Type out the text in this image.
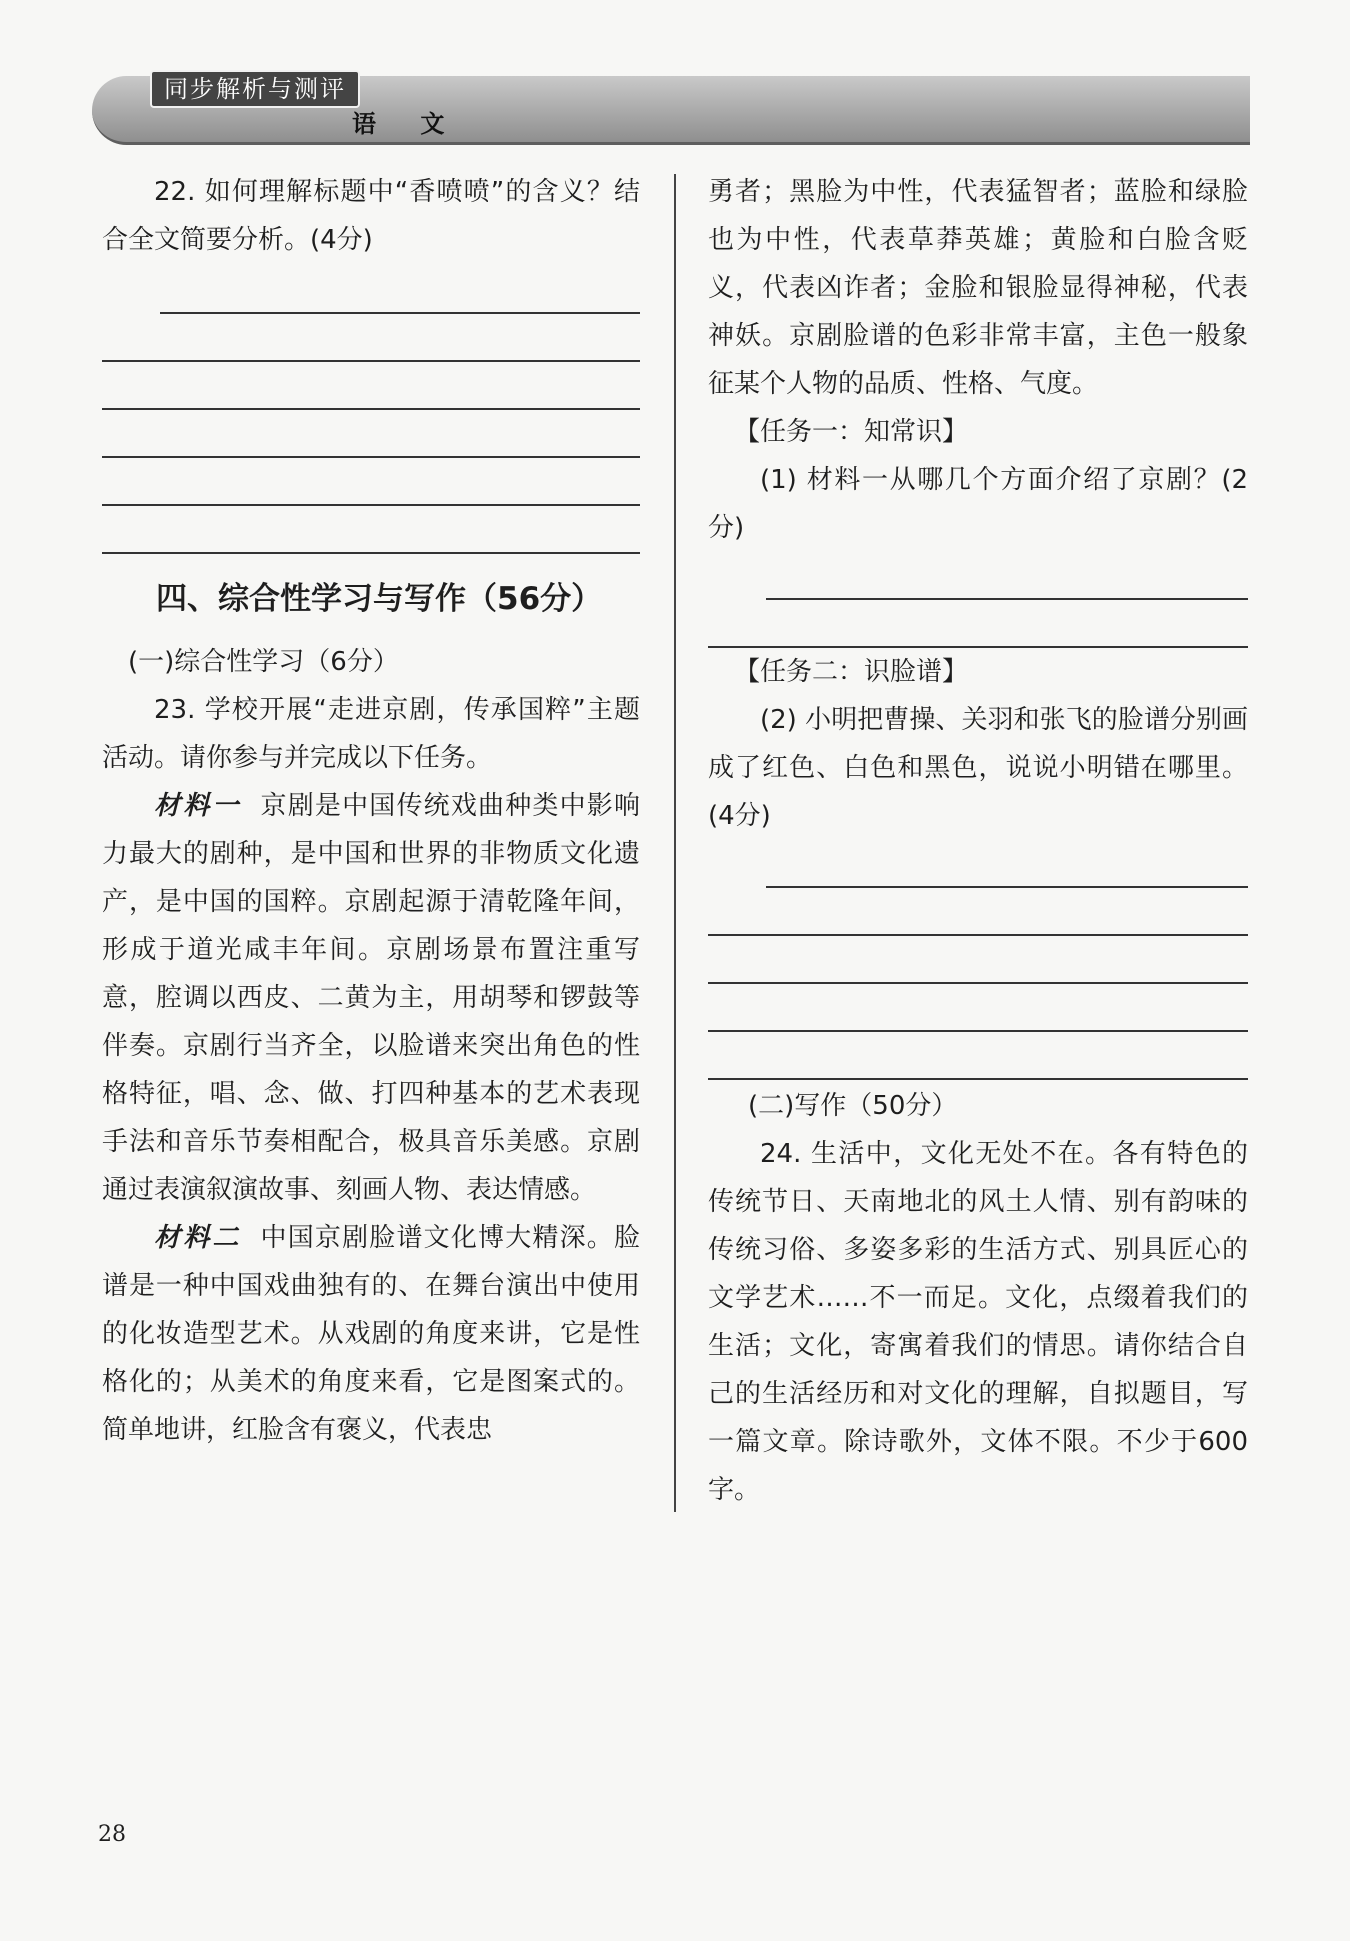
同步解析与测评
语 文

22. 如何理解标题中“香喷喷”的含义？结合全文简要分析。(4分)

四、综合性学习与写作（56分）

(一)综合性学习（6分）

23. 学校开展“走进京剧，传承国粹”主题活动。请你参与并完成以下任务。

材料一 京剧是中国传统戏曲种类中影响力最大的剧种，是中国和世界的非物质文化遗产，是中国的国粹。京剧起源于清乾隆年间，形成于道光咸丰年间。京剧场景布置注重写意，腔调以西皮、二黄为主，用胡琴和锣鼓等伴奏。京剧行当齐全，以脸谱来突出角色的性格特征，唱、念、做、打四种基本的艺术表现手法和音乐节奏相配合，极具音乐美感。京剧通过表演叙演故事、刻画人物、表达情感。

材料二 中国京剧脸谱文化博大精深。脸谱是一种中国戏曲独有的、在舞台演出中使用的化妆造型艺术。从戏剧的角度来讲，它是性格化的；从美术的角度来看，它是图案式的。简单地讲，红脸含有褒义，代表忠

勇者；黑脸为中性，代表猛智者；蓝脸和绿脸也为中性，代表草莽英雄；黄脸和白脸含贬义，代表凶诈者；金脸和银脸显得神秘，代表神妖。京剧脸谱的色彩非常丰富，主色一般象征某个人物的品质、性格、气度。

【任务一：知常识】

(1) 材料一从哪几个方面介绍了京剧？(2分)

【任务二：识脸谱】

(2) 小明把曹操、关羽和张飞的脸谱分别画成了红色、白色和黑色，说说小明错在哪里。(4分)

(二)写作（50分）

24. 生活中，文化无处不在。各有特色的传统节日、天南地北的风土人情、别有韵味的传统习俗、多姿多彩的生活方式、别具匠心的文学艺术……不一而足。文化，点缀着我们的生活；文化，寄寓着我们的情思。请你结合自己的生活经历和对文化的理解，自拟题目，写一篇文章。除诗歌外，文体不限。不少于600字。

28
